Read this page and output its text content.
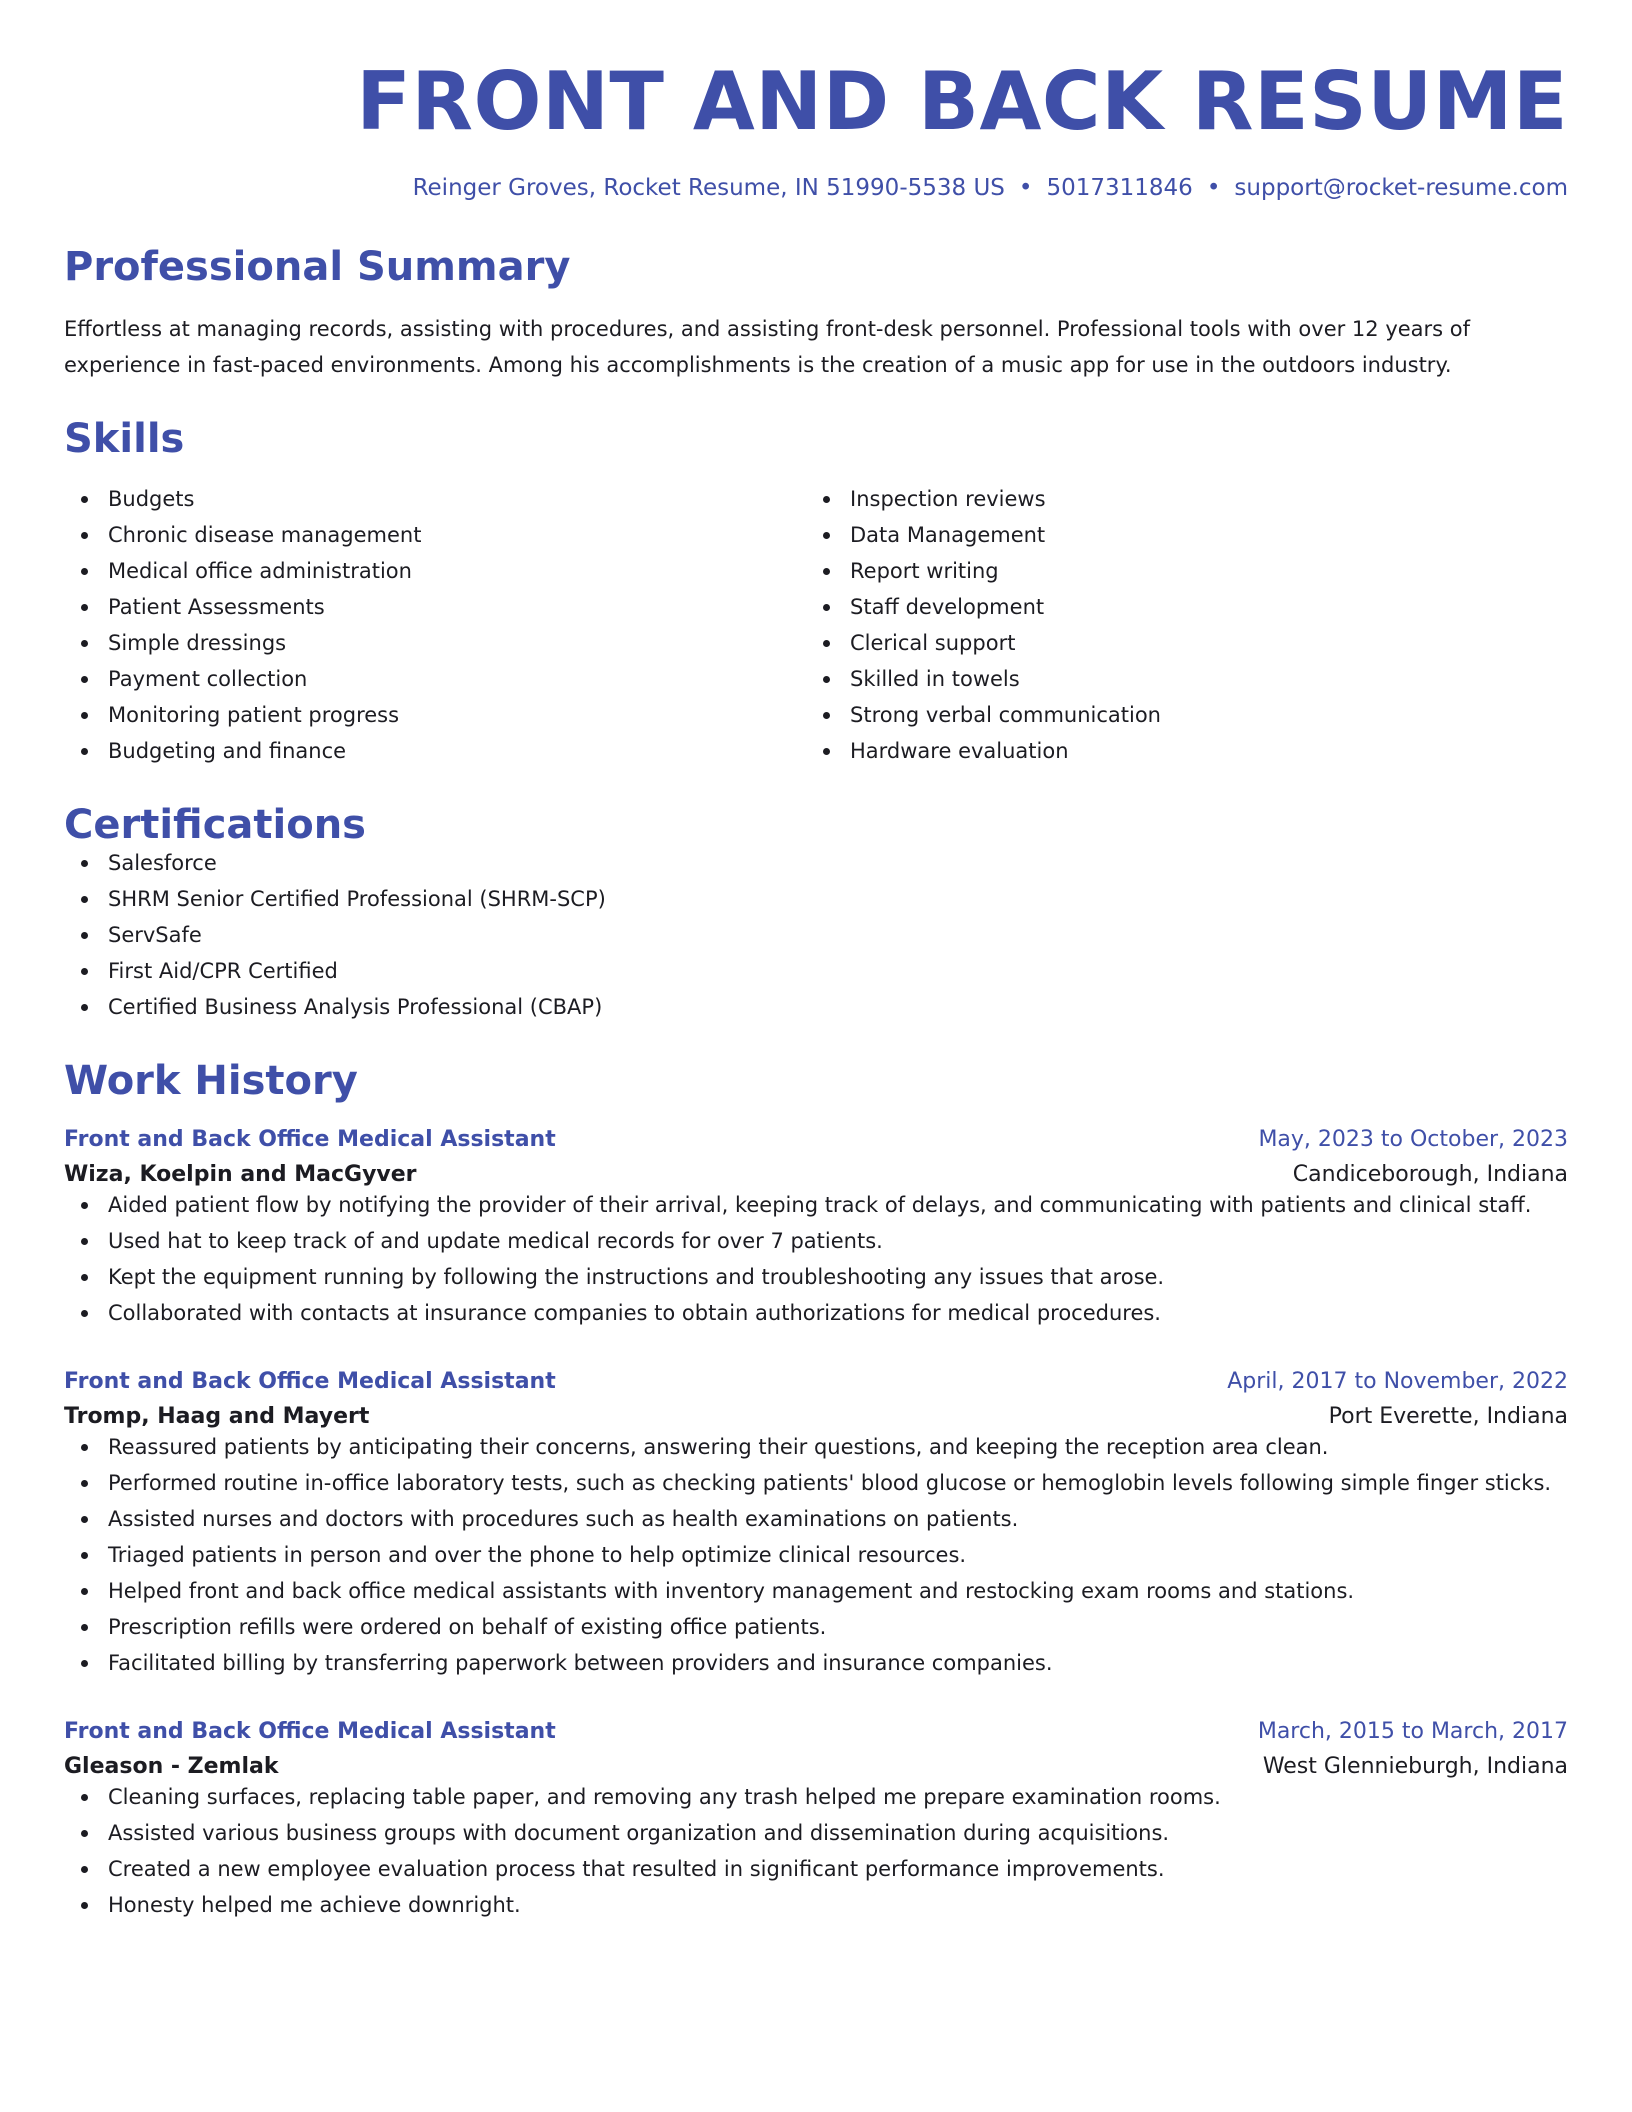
FRONT AND BACK RESUME
Reinger Groves, Rocket Resume, IN 51990-5538 US • 5017311846 • support@rocket-resume.com
Professional Summary
Effortless at managing records, assisting with procedures, and assisting front-desk personnel. Professional tools with over 12 years of experience in fast-paced environments. Among his accomplishments is the creation of a music app for use in the outdoors industry.
Skills
Budgets
Chronic disease management
Medical office administration
Patient Assessments
Simple dressings
Payment collection
Monitoring patient progress
Budgeting and finance
Inspection reviews
Data Management
Report writing
Staff development
Clerical support
Skilled in towels
Strong verbal communication
Hardware evaluation
Certifications
Salesforce
SHRM Senior Certified Professional (SHRM-SCP)
ServSafe
First Aid/CPR Certified
Certified Business Analysis Professional (CBAP)
Work History
Front and Back Office Medical Assistant	May, 2023 to October, 2023
Wiza, Koelpin and MacGyver	Candiceborough, Indiana
Aided patient flow by notifying the provider of their arrival, keeping track of delays, and communicating with patients and clinical staff.
Used hat to keep track of and update medical records for over 7 patients.
Kept the equipment running by following the instructions and troubleshooting any issues that arose.
Collaborated with contacts at insurance companies to obtain authorizations for medical procedures.
Front and Back Office Medical Assistant	April, 2017 to November, 2022
Tromp, Haag and Mayert	Port Everette, Indiana
Reassured patients by anticipating their concerns, answering their questions, and keeping the reception area clean.
Performed routine in-office laboratory tests, such as checking patients' blood glucose or hemoglobin levels following simple finger sticks.
Assisted nurses and doctors with procedures such as health examinations on patients.
Triaged patients in person and over the phone to help optimize clinical resources.
Helped front and back office medical assistants with inventory management and restocking exam rooms and stations.
Prescription refills were ordered on behalf of existing office patients.
Facilitated billing by transferring paperwork between providers and insurance companies.
Front and Back Office Medical Assistant	March, 2015 to March, 2017
Gleason - Zemlak	West Glennieburgh, Indiana
Cleaning surfaces, replacing table paper, and removing any trash helped me prepare examination rooms.
Assisted various business groups with document organization and dissemination during acquisitions.
Created a new employee evaluation process that resulted in significant performance improvements.
Honesty helped me achieve downright.
